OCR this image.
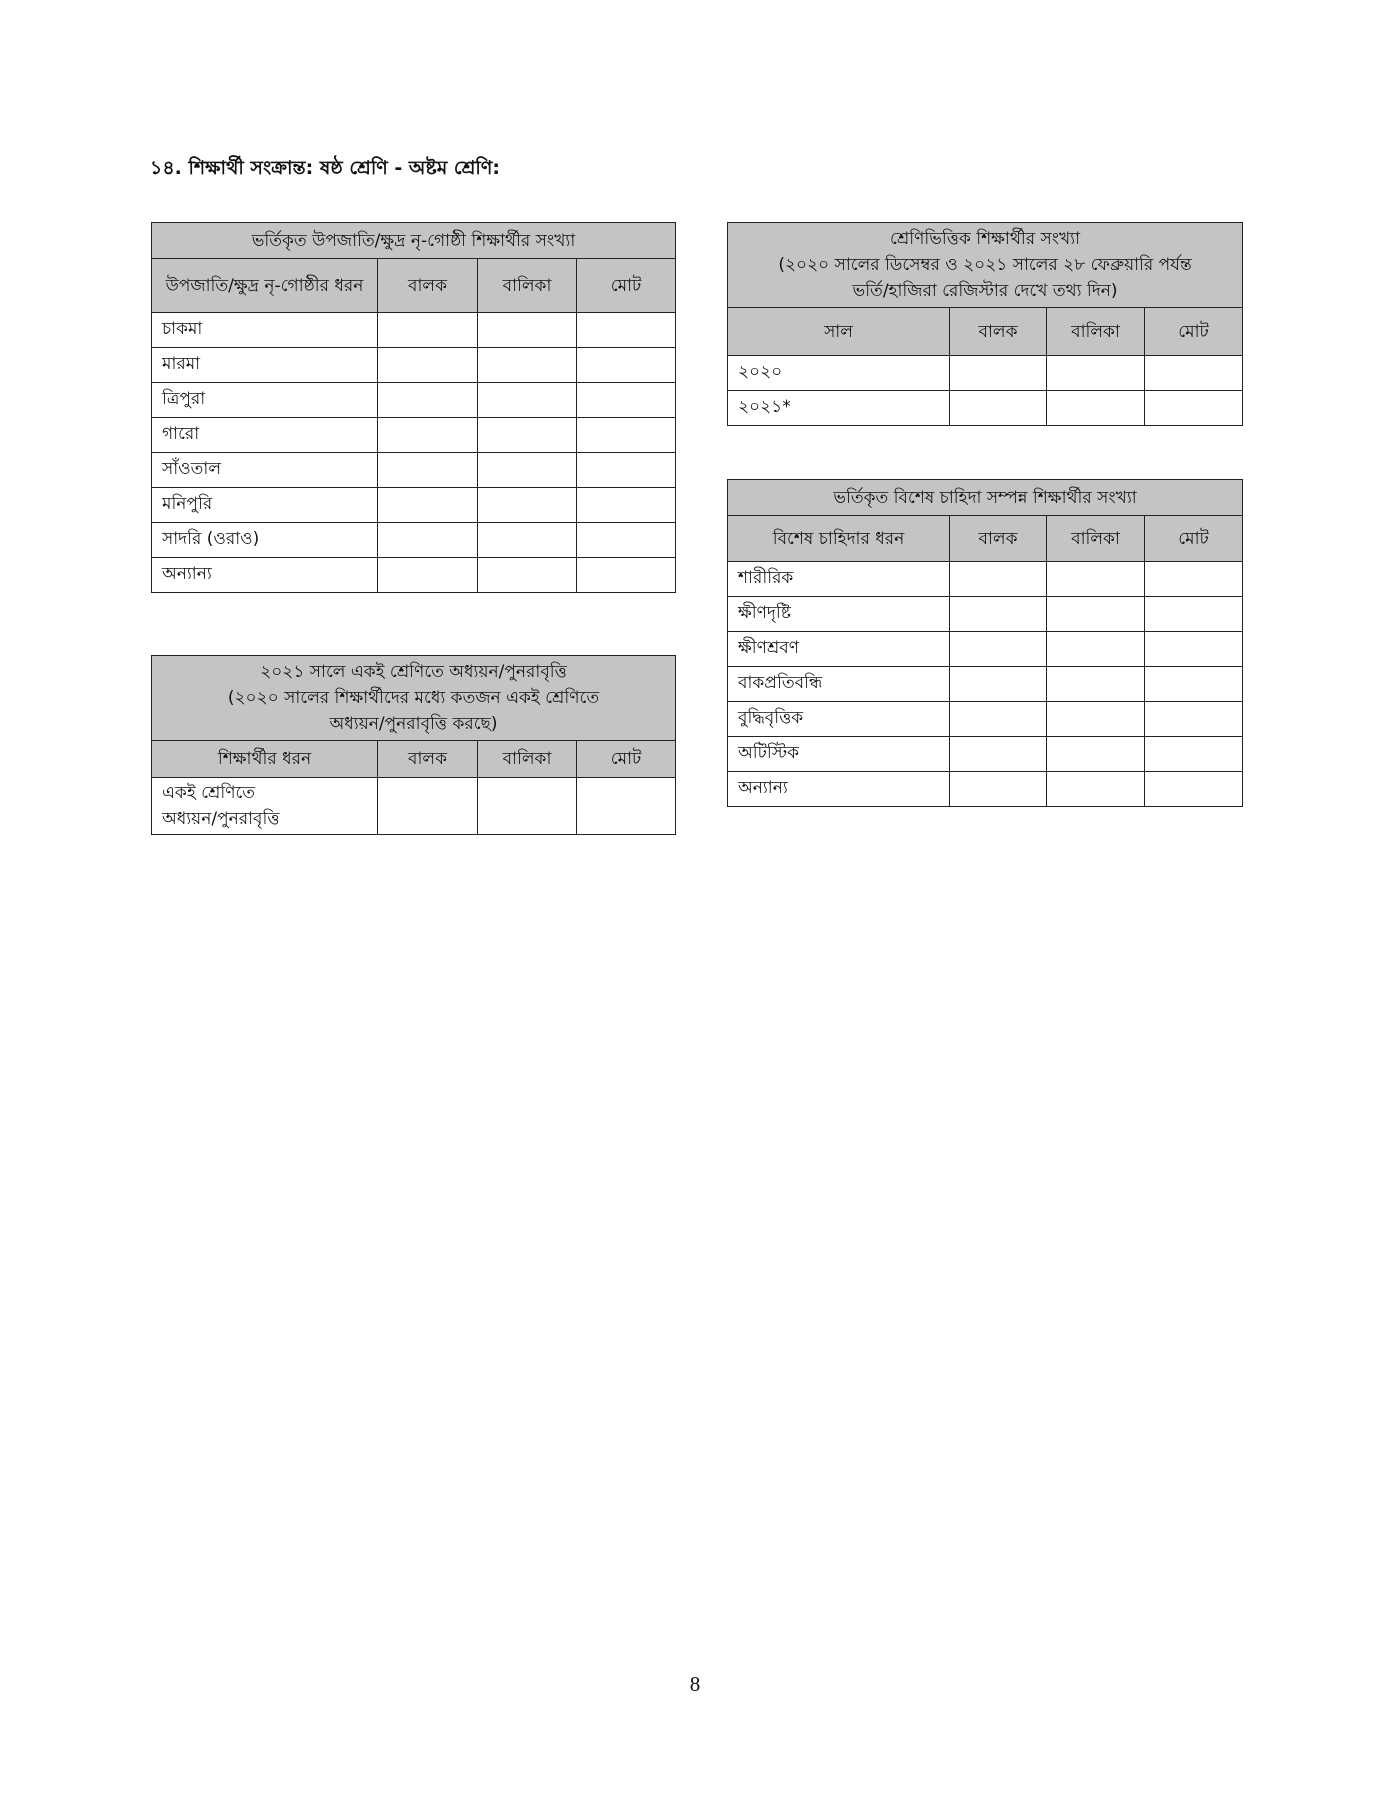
১৪. শিক্ষার্থী সংক্রান্ত: ষষ্ঠ শ্রেণি - অষ্টম শ্রেণি:
ভর্তিকৃত উপজাতি/ক্ষুদ্র নৃ-গোষ্ঠী শিক্ষার্থীর সংখ্যা			
উপজাতি/ক্ষুদ্র নৃ-গোষ্ঠীর ধরন	বালক	বালিকা	মোট
চাকমা			
মারমা			
ত্রিপুরা			
গারো			
সাঁওতাল			
মনিপুরি			
সাদরি (ওরাও)			
অন্যান্য			
শ্রেণিভিত্তিক শিক্ষার্থীর সংখ্যা
(২০২০ সালের ডিসেম্বর ও ২০২১ সালের ২৮ ফেব্রুয়ারি পর্যন্ত
ভর্তি/হাজিরা রেজিস্টার দেখে তথ্য দিন)			

সাল	বালক	বালিকা	মোট
২০২০			
২০২১*			
ভর্তিকৃত বিশেষ চাহিদা সম্পন্ন শিক্ষার্থীর সংখ্যা			
বিশেষ চাহিদার ধরন	বালক	বালিকা	মোট
শারীরিক			
ক্ষীণদৃষ্টি			
ক্ষীণশ্রবণ			
বাকপ্রতিবন্ধি			
বুদ্ধিবৃত্তিক			
অটিস্টিক			
অন্যান্য			
২০২১ সালে একই শ্রেণিতে অধ্যয়ন/পুনরাবৃত্তি
(২০২০ সালের শিক্ষার্থীদের মধ্যে কতজন একই শ্রেণিতে
অধ্যয়ন/পুনরাবৃত্তি করছে)			

শিক্ষার্থীর ধরন	বালক	বালিকা	মোট

একই শ্রেণিতে
অধ্যয়ন/পুনরাবৃত্তি			

8
